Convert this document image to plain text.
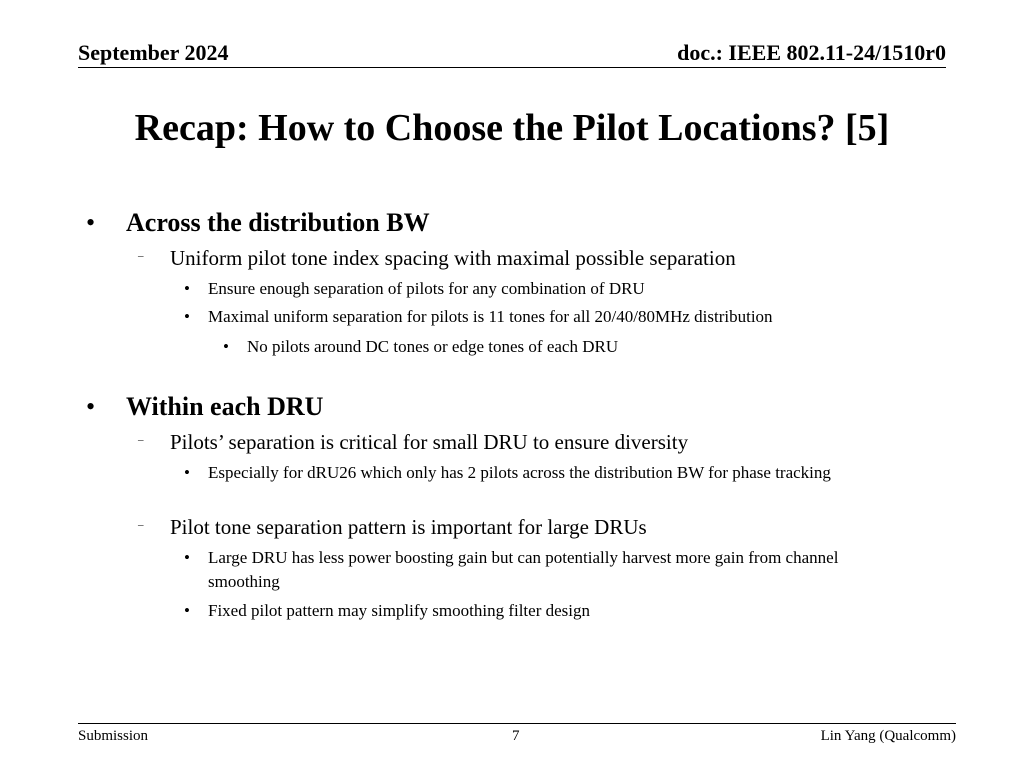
September 2024	doc.: IEEE 802.11-24/1510r0
Recap: How to Choose the Pilot Locations? [5]
• Across the distribution BW
– Uniform pilot tone index spacing with maximal possible separation
• Ensure enough separation of pilots for any combination of DRU
• Maximal uniform separation for pilots is 11 tones for all 20/40/80MHz distribution
• No pilots around DC tones or edge tones of each DRU
• Within each DRU
– Pilots’ separation is critical for small DRU to ensure diversity
• Especially for dRU26 which only has 2 pilots across the distribution BW for phase tracking
– Pilot tone separation pattern is important for large DRUs
• Large DRU has less power boosting gain but can potentially harvest more gain from channel smoothing
• Fixed pilot pattern may simplify smoothing filter design
Submission	7	Lin Yang (Qualcomm)
